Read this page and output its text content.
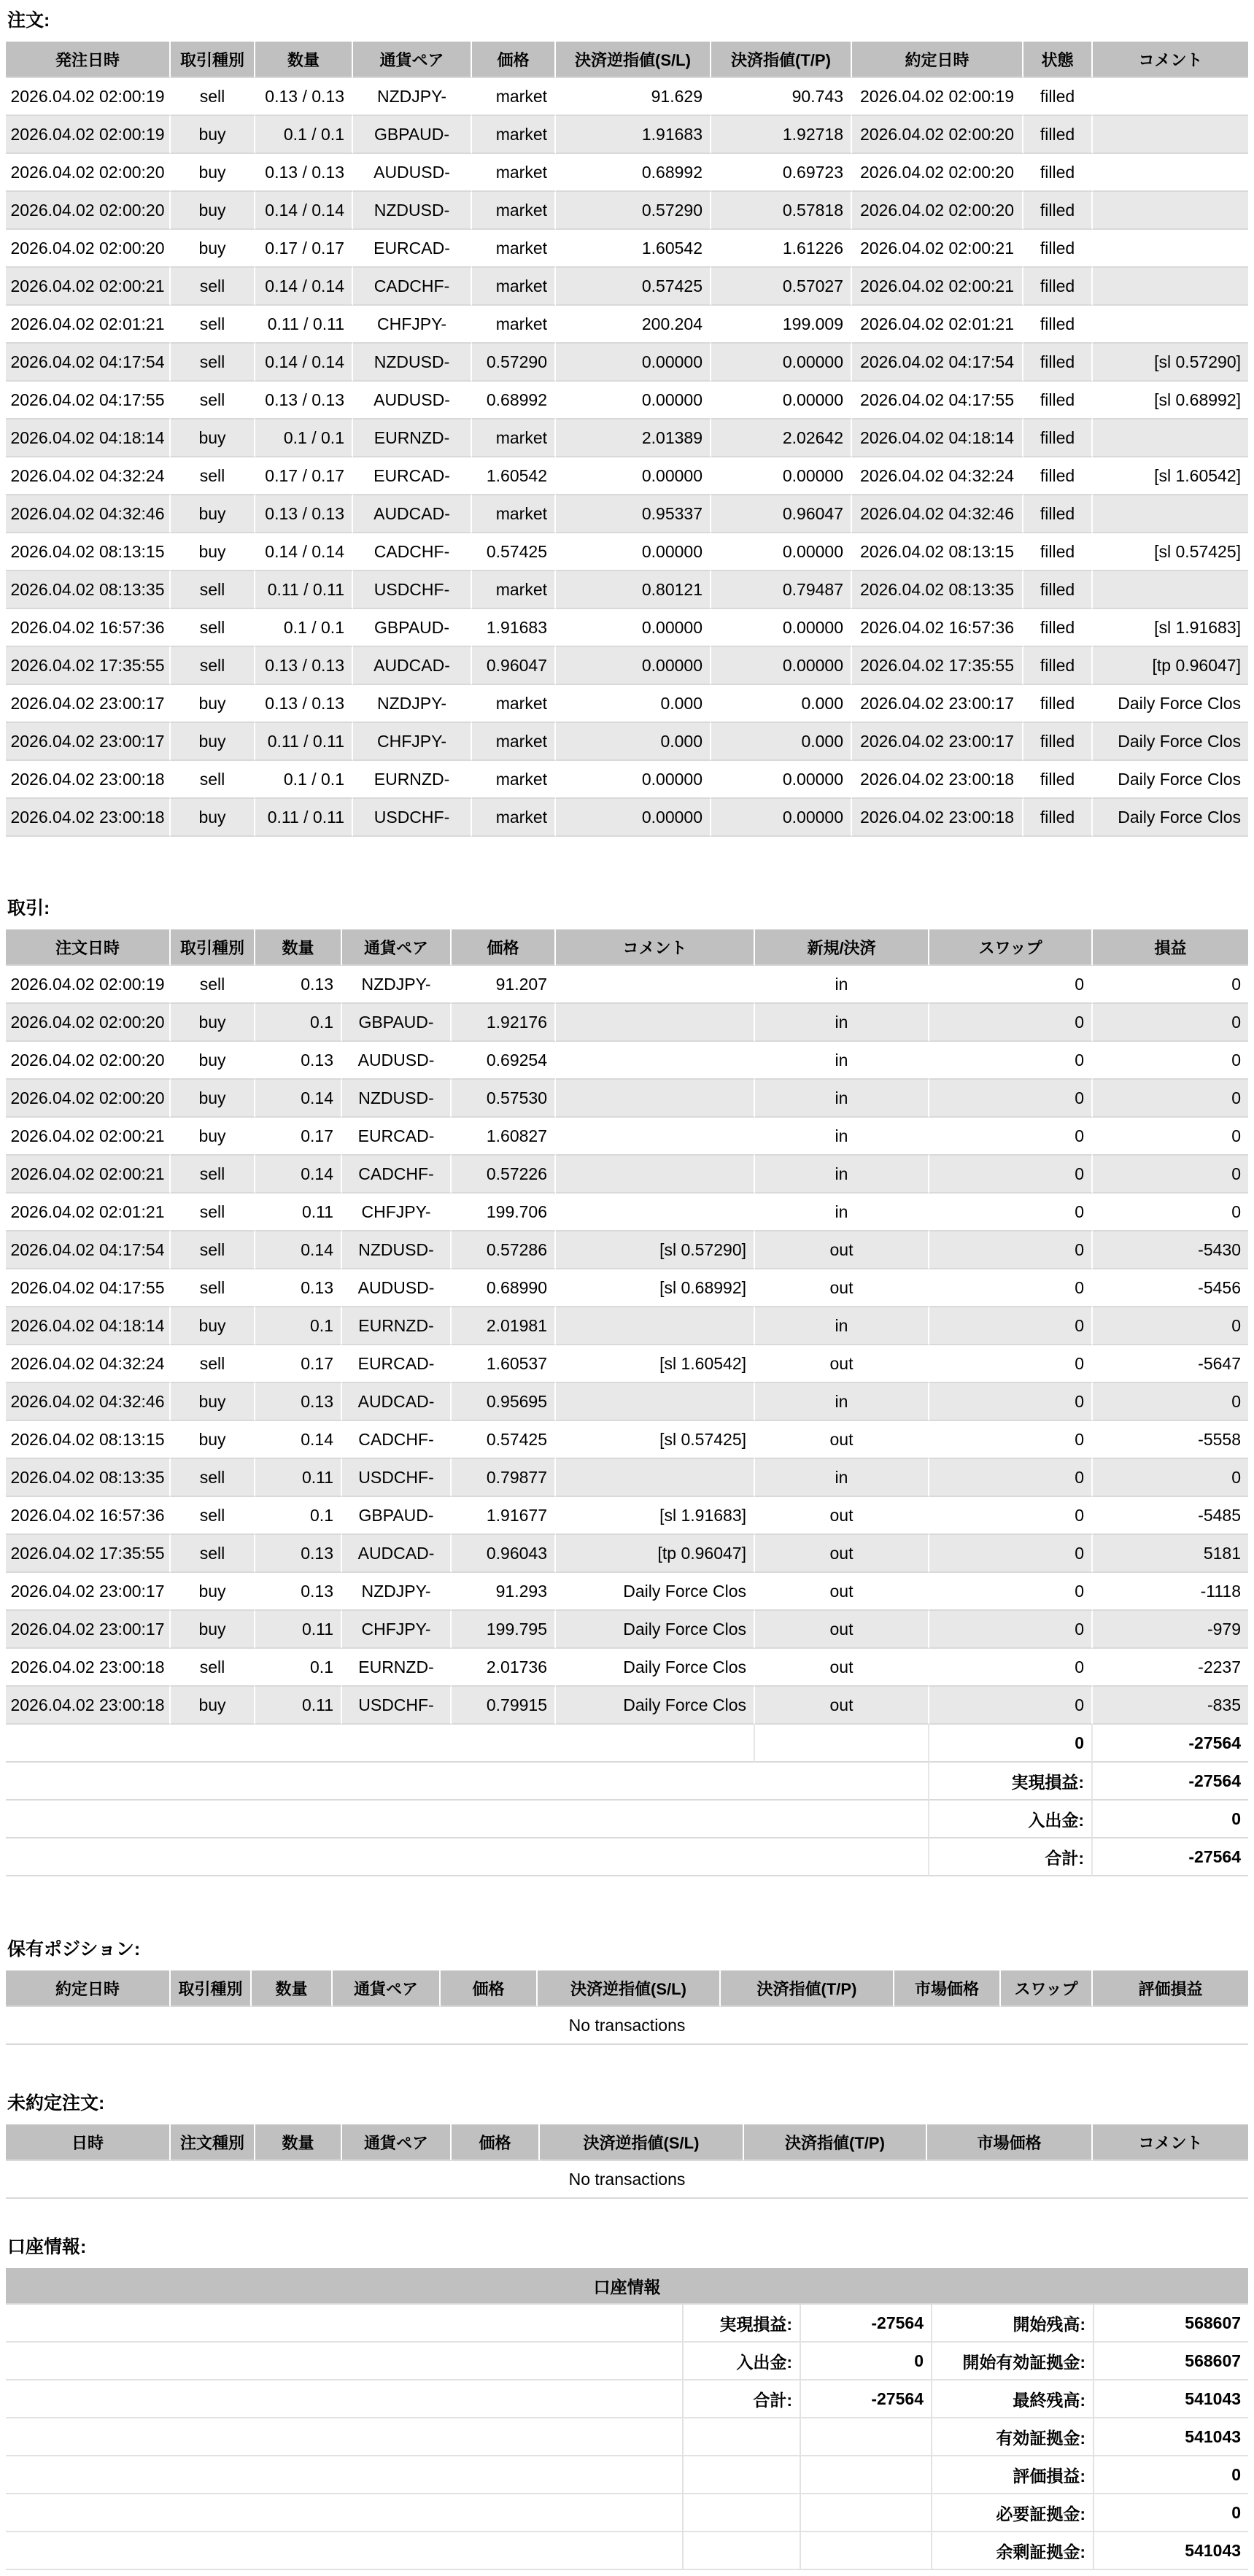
注文:
発注日時	取引種別	数量	通貨ペア	価格	決済逆指値(S/L)	決済指値(T/P)	約定日時	状態	コメント
2026.04.02 02:00:19	sell	0.13 / 0.13	NZDJPY-	market	91.629	90.743	2026.04.02 02:00:19	filled	
2026.04.02 02:00:19	buy	0.1 / 0.1	GBPAUD-	market	1.91683	1.92718	2026.04.02 02:00:20	filled	
2026.04.02 02:00:20	buy	0.13 / 0.13	AUDUSD-	market	0.68992	0.69723	2026.04.02 02:00:20	filled	
2026.04.02 02:00:20	buy	0.14 / 0.14	NZDUSD-	market	0.57290	0.57818	2026.04.02 02:00:20	filled	
2026.04.02 02:00:20	buy	0.17 / 0.17	EURCAD-	market	1.60542	1.61226	2026.04.02 02:00:21	filled	
2026.04.02 02:00:21	sell	0.14 / 0.14	CADCHF-	market	0.57425	0.57027	2026.04.02 02:00:21	filled	
2026.04.02 02:01:21	sell	0.11 / 0.11	CHFJPY-	market	200.204	199.009	2026.04.02 02:01:21	filled	
2026.04.02 04:17:54	sell	0.14 / 0.14	NZDUSD-	0.57290	0.00000	0.00000	2026.04.02 04:17:54	filled	[sl 0.57290]
2026.04.02 04:17:55	sell	0.13 / 0.13	AUDUSD-	0.68992	0.00000	0.00000	2026.04.02 04:17:55	filled	[sl 0.68992]
2026.04.02 04:18:14	buy	0.1 / 0.1	EURNZD-	market	2.01389	2.02642	2026.04.02 04:18:14	filled	
2026.04.02 04:32:24	sell	0.17 / 0.17	EURCAD-	1.60542	0.00000	0.00000	2026.04.02 04:32:24	filled	[sl 1.60542]
2026.04.02 04:32:46	buy	0.13 / 0.13	AUDCAD-	market	0.95337	0.96047	2026.04.02 04:32:46	filled	
2026.04.02 08:13:15	buy	0.14 / 0.14	CADCHF-	0.57425	0.00000	0.00000	2026.04.02 08:13:15	filled	[sl 0.57425]
2026.04.02 08:13:35	sell	0.11 / 0.11	USDCHF-	market	0.80121	0.79487	2026.04.02 08:13:35	filled	
2026.04.02 16:57:36	sell	0.1 / 0.1	GBPAUD-	1.91683	0.00000	0.00000	2026.04.02 16:57:36	filled	[sl 1.91683]
2026.04.02 17:35:55	sell	0.13 / 0.13	AUDCAD-	0.96047	0.00000	0.00000	2026.04.02 17:35:55	filled	[tp 0.96047]
2026.04.02 23:00:17	buy	0.13 / 0.13	NZDJPY-	market	0.000	0.000	2026.04.02 23:00:17	filled	Daily Force Clos
2026.04.02 23:00:17	buy	0.11 / 0.11	CHFJPY-	market	0.000	0.000	2026.04.02 23:00:17	filled	Daily Force Clos
2026.04.02 23:00:18	sell	0.1 / 0.1	EURNZD-	market	0.00000	0.00000	2026.04.02 23:00:18	filled	Daily Force Clos
2026.04.02 23:00:18	buy	0.11 / 0.11	USDCHF-	market	0.00000	0.00000	2026.04.02 23:00:18	filled	Daily Force Clos
取引:
注文日時	取引種別	数量	通貨ペア	価格	コメント	新規/決済	スワップ	損益
2026.04.02 02:00:19	sell	0.13	NZDJPY-	91.207		in	0	0
2026.04.02 02:00:20	buy	0.1	GBPAUD-	1.92176		in	0	0
2026.04.02 02:00:20	buy	0.13	AUDUSD-	0.69254		in	0	0
2026.04.02 02:00:20	buy	0.14	NZDUSD-	0.57530		in	0	0
2026.04.02 02:00:21	buy	0.17	EURCAD-	1.60827		in	0	0
2026.04.02 02:00:21	sell	0.14	CADCHF-	0.57226		in	0	0
2026.04.02 02:01:21	sell	0.11	CHFJPY-	199.706		in	0	0
2026.04.02 04:17:54	sell	0.14	NZDUSD-	0.57286	[sl 0.57290]	out	0	-5430
2026.04.02 04:17:55	sell	0.13	AUDUSD-	0.68990	[sl 0.68992]	out	0	-5456
2026.04.02 04:18:14	buy	0.1	EURNZD-	2.01981		in	0	0
2026.04.02 04:32:24	sell	0.17	EURCAD-	1.60537	[sl 1.60542]	out	0	-5647
2026.04.02 04:32:46	buy	0.13	AUDCAD-	0.95695		in	0	0
2026.04.02 08:13:15	buy	0.14	CADCHF-	0.57425	[sl 0.57425]	out	0	-5558
2026.04.02 08:13:35	sell	0.11	USDCHF-	0.79877		in	0	0
2026.04.02 16:57:36	sell	0.1	GBPAUD-	1.91677	[sl 1.91683]	out	0	-5485
2026.04.02 17:35:55	sell	0.13	AUDCAD-	0.96043	[tp 0.96047]	out	0	5181
2026.04.02 23:00:17	buy	0.13	NZDJPY-	91.293	Daily Force Clos	out	0	-1118
2026.04.02 23:00:17	buy	0.11	CHFJPY-	199.795	Daily Force Clos	out	0	-979
2026.04.02 23:00:18	sell	0.1	EURNZD-	2.01736	Daily Force Clos	out	0	-2237
2026.04.02 23:00:18	buy	0.11	USDCHF-	0.79915	Daily Force Clos	out	0	-835
							0	-27564
							実現損益:	-27564
							入出金:	0
							合計:	-27564
保有ポジション:
約定日時	取引種別	数量	通貨ペア	価格	決済逆指値(S/L)	決済指値(T/P)	市場価格	スワップ	評価損益
No transactions
未約定注文:
日時	注文種別	数量	通貨ペア	価格	決済逆指値(S/L)	決済指値(T/P)	市場価格	コメント
No transactions
口座情報:
口座情報				
	実現損益:	-27564	開始残高:	568607
	入出金:	0	開始有効証拠金:	568607
	合計:	-27564	最終残高:	541043
			有効証拠金:	541043
			評価損益:	0
			必要証拠金:	0
			余剰証拠金:	541043
